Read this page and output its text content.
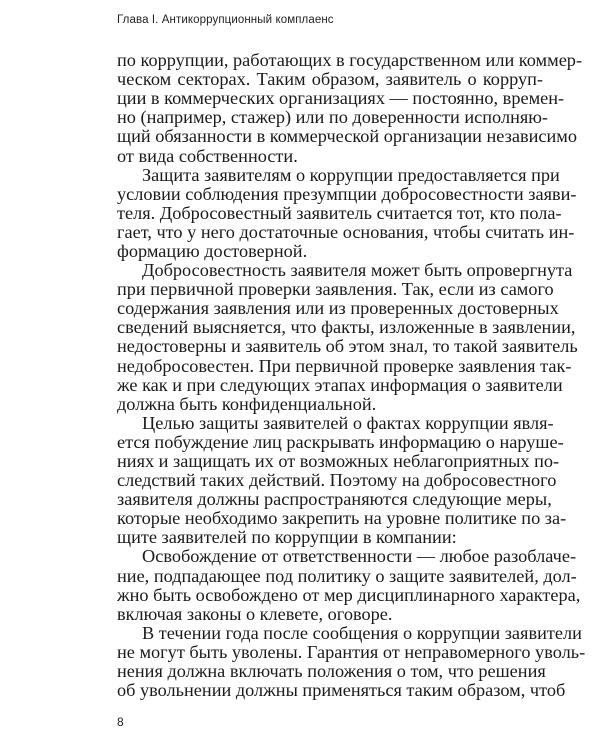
Глава I. Антикоррупционный комплаенс
по коррупции, работающих в государственном или коммер-
ческом секторах. Таким образом, заявитель о корруп-
ции в коммерческих организациях — постоянно, времен-
но (например, стажер) или по доверенности исполняю-
щий обязанности в коммерческой организации независимо
от вида собственности.
Защита заявителям о коррупции предоставляется при
условии соблюдения презумпции добросовестности заяви-
теля. Добросовестный заявитель считается тот, кто пола-
гает, что у него достаточные основания, чтобы считать ин-
формацию достоверной.
Добросовестность заявителя может быть опровергнута
при первичной проверки заявления. Так, если из самого
содержания заявления или из проверенных достоверных
сведений выясняется, что факты, изложенные в заявлении,
недостоверны и заявитель об этом знал, то такой заявитель
недобросовестен. При первичной проверке заявления так-
же как и при следующих этапах информация о заявители
должна быть конфиденциальной.
Целью защиты заявителей о фактах коррупции явля-
ется побуждение лиц раскрывать информацию о наруше-
ниях и защищать их от возможных неблагоприятных по-
следствий таких действий. Поэтому на добросовестного
заявителя должны распространяются следующие меры,
которые необходимо закрепить на уровне политике по за-
щите заявителей по коррупции в компании:
Освобождение от ответственности — любое разоблаче-
ние, подпадающее под политику о защите заявителей, дол-
жно быть освобождено от мер дисциплинарного характера,
включая законы о клевете, оговоре.
В течении года после сообщения о коррупции заявители
не могут быть уволены. Гарантия от неправомерного уволь-
нения должна включать положения о том, что решения
об увольнении должны применяться таким образом, чтоб
8
